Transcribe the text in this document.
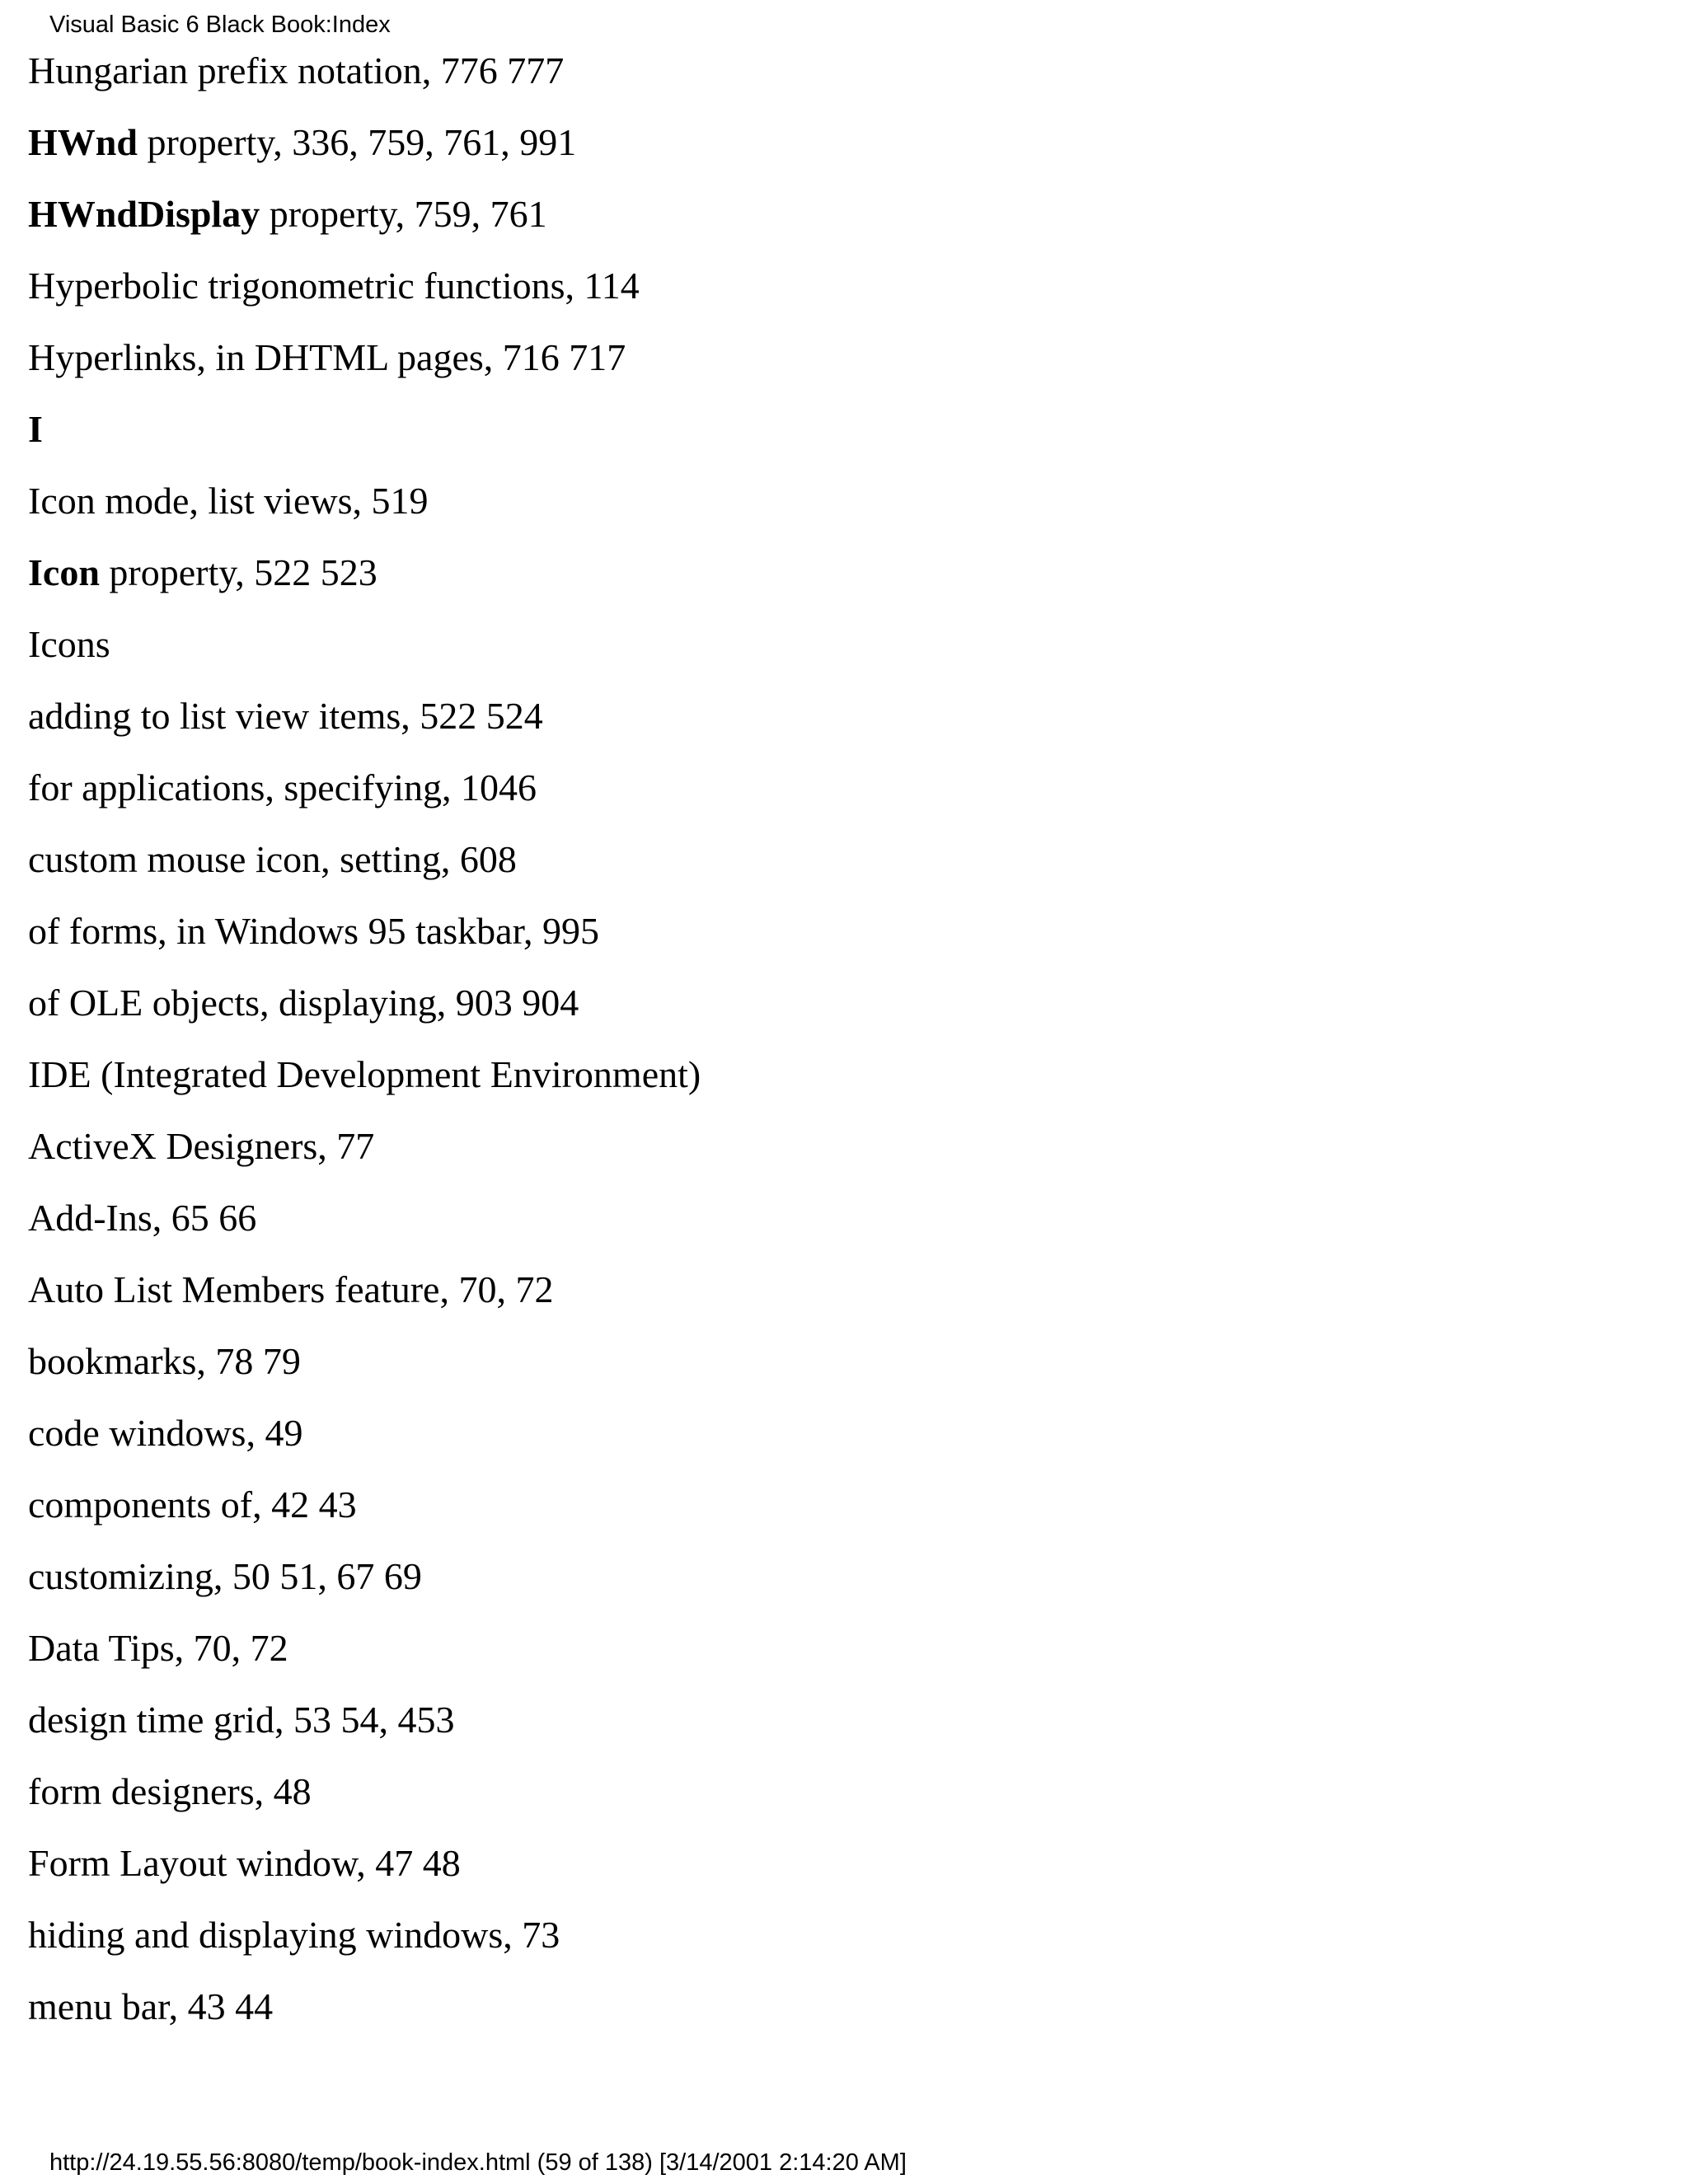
Visual Basic 6 Black Book:Index
Hungarian prefix notation, 776 777
HWnd property, 336, 759, 761, 991
HWndDisplay property, 759, 761
Hyperbolic trigonometric functions, 114
Hyperlinks, in DHTML pages, 716 717
I
Icon mode, list views, 519
Icon property, 522 523
Icons
adding to list view items, 522 524
for applications, specifying, 1046
custom mouse icon, setting, 608
of forms, in Windows 95 taskbar, 995
of OLE objects, displaying, 903 904
IDE (Integrated Development Environment)
ActiveX Designers, 77
Add-Ins, 65 66
Auto List Members feature, 70, 72
bookmarks, 78 79
code windows, 49
components of, 42 43
customizing, 50 51, 67 69
Data Tips, 70, 72
design time grid, 53 54, 453
form designers, 48
Form Layout window, 47 48
hiding and displaying windows, 73
menu bar, 43 44
http://24.19.55.56:8080/temp/book-index.html (59 of 138) [3/14/2001 2:14:20 AM]
